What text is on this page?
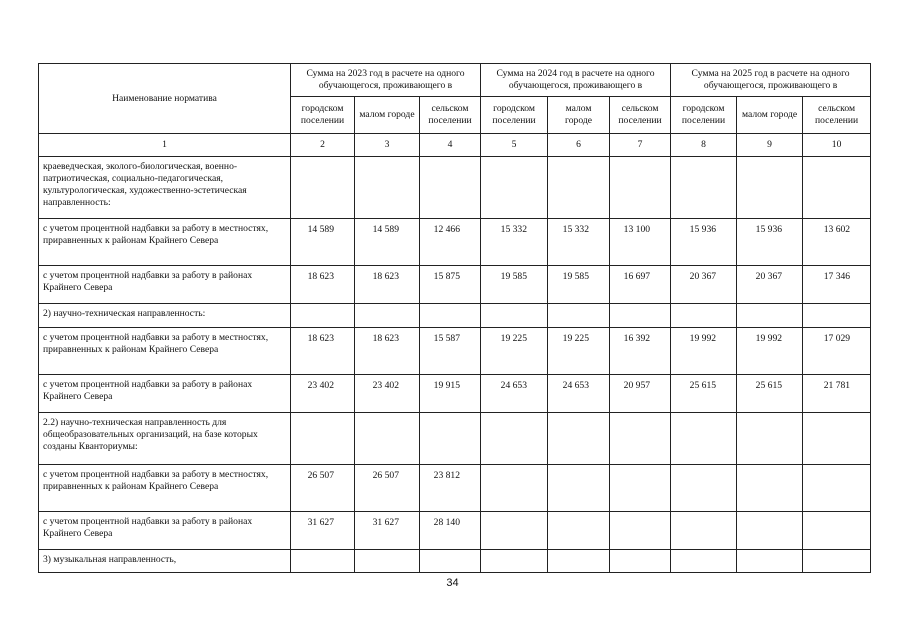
Наименование норматива	Сумма на 2023 год в расчете на одного обучающегося, проживающего в			Сумма на 2024 год в расчете на одного обучающегося, проживающего в			Сумма на 2025 год в расчете на одного обучающегося, проживающего в		
	городском поселении	малом городе	сельском поселении	городском поселении	малом городе	сельском поселении	городском поселении	малом городе	сельском поселении
1	2	3	4	5	6	7	8	9	10
краеведческая, эколого-биологическая, военно-патриотическая, социально-педагогическая, культурологическая, художественно-эстетическая направленность:									
с учетом процентной надбавки за работу в местностях, приравненных к районам Крайнего Севера	14 589	14 589	12 466	15 332	15 332	13 100	15 936	15 936	13 602
с учетом процентной надбавки за работу в районах Крайнего Севера	18 623	18 623	15 875	19 585	19 585	16 697	20 367	20 367	17 346
2) научно-техническая направленность:									
с учетом процентной надбавки за работу в местностях, приравненных к районам Крайнего Севера	18 623	18 623	15 587	19 225	19 225	16 392	19 992	19 992	17 029
с учетом процентной надбавки за работу в районах Крайнего Севера	23 402	23 402	19 915	24 653	24 653	20 957	25 615	25 615	21 781
2.2) научно-техническая направленность для общеобразовательных организаций, на базе которых созданы Кванториумы:									
с учетом процентной надбавки за работу в местностях, приравненных к районам Крайнего Севера	26 507	26 507	23 812						
с учетом процентной надбавки за работу в районах Крайнего Севера	31 627	31 627	28 140						
3) музыкальная направленность,									
34
